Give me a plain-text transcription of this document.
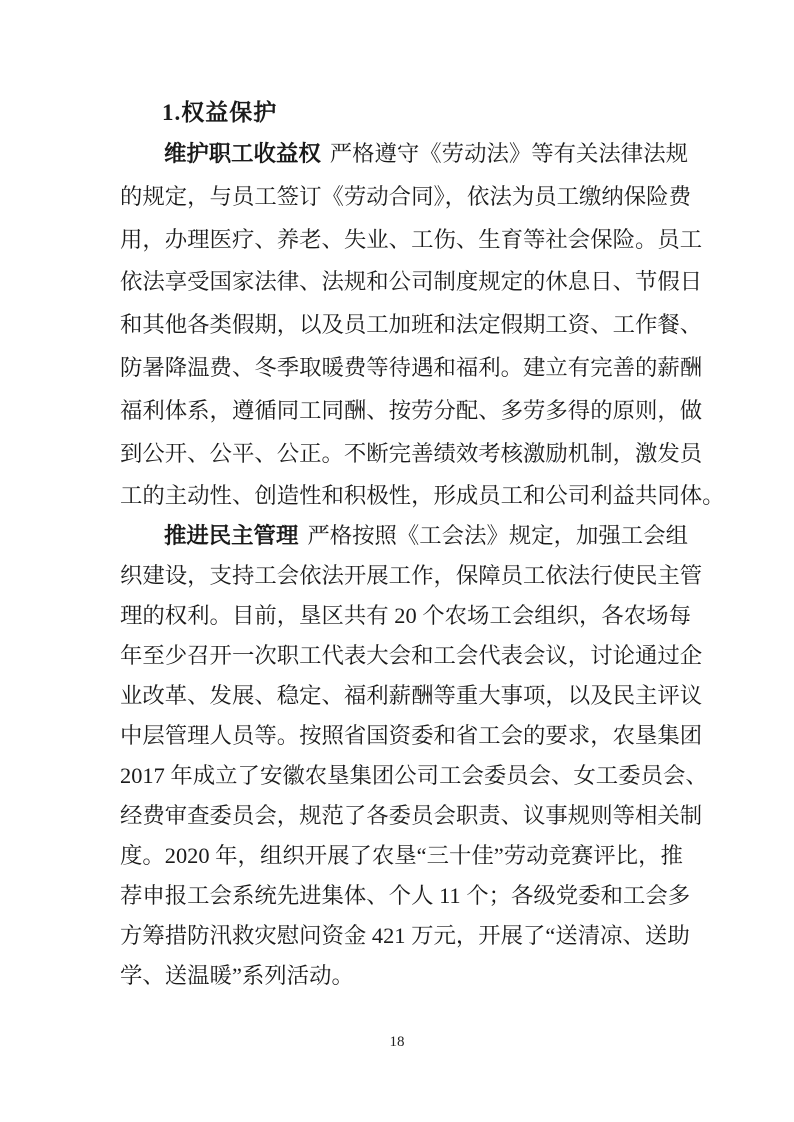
1.权益保护
维护职工收益权 严格遵守《劳动法》等有关法律法规
的规定，与员工签订《劳动合同》，依法为员工缴纳保险费
用，办理医疗、养老、失业、工伤、生育等社会保险。员工
依法享受国家法律、法规和公司制度规定的休息日、节假日
和其他各类假期，以及员工加班和法定假期工资、工作餐、
防暑降温费、冬季取暖费等待遇和福利。建立有完善的薪酬
福利体系，遵循同工同酬、按劳分配、多劳多得的原则，做
到公开、公平、公正。不断完善绩效考核激励机制，激发员
工的主动性、创造性和积极性，形成员工和公司利益共同体。
推进民主管理 严格按照《工会法》规定，加强工会组
织建设，支持工会依法开展工作，保障员工依法行使民主管
理的权利。目前，垦区共有 20 个农场工会组织，各农场每
年至少召开一次职工代表大会和工会代表会议，讨论通过企
业改革、发展、稳定、福利薪酬等重大事项，以及民主评议
中层管理人员等。按照省国资委和省工会的要求，农垦集团
2017 年成立了安徽农垦集团公司工会委员会、女工委员会、
经费审查委员会，规范了各委员会职责、议事规则等相关制
度。2020 年，组织开展了农垦“三十佳”劳动竞赛评比，推
荐申报工会系统先进集体、个人 11 个；各级党委和工会多
方筹措防汛救灾慰问资金 421 万元，开展了“送清凉、送助
学、送温暖”系列活动。
18
